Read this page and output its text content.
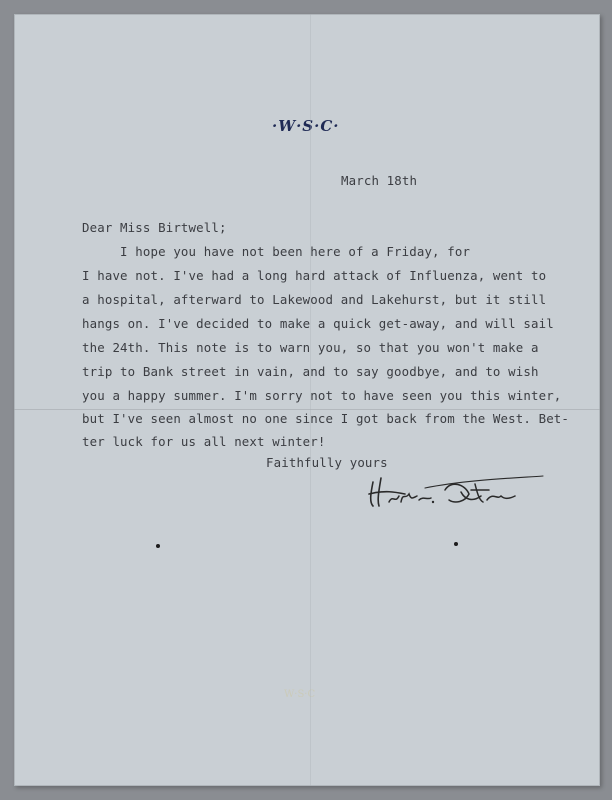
·W·S·C·
March 18th
Dear Miss Birtwell;
I hope you have not been here of a Friday, for
I have not. I've had a long hard attack of Influenza, went to
a hospital, afterward to Lakewood and Lakehurst, but it still
hangs on. I've decided to make a quick get-away, and will sail
the 24th. This note is to warn you, so that you won't make a
trip to Bank street in vain, and to say goodbye, and to wish
you a happy summer. I'm sorry not to have seen you this winter,
but I've seen almost no one since I got back from the West. Bet-
ter luck for us all next winter!
Faithfully yours
W·S·C
